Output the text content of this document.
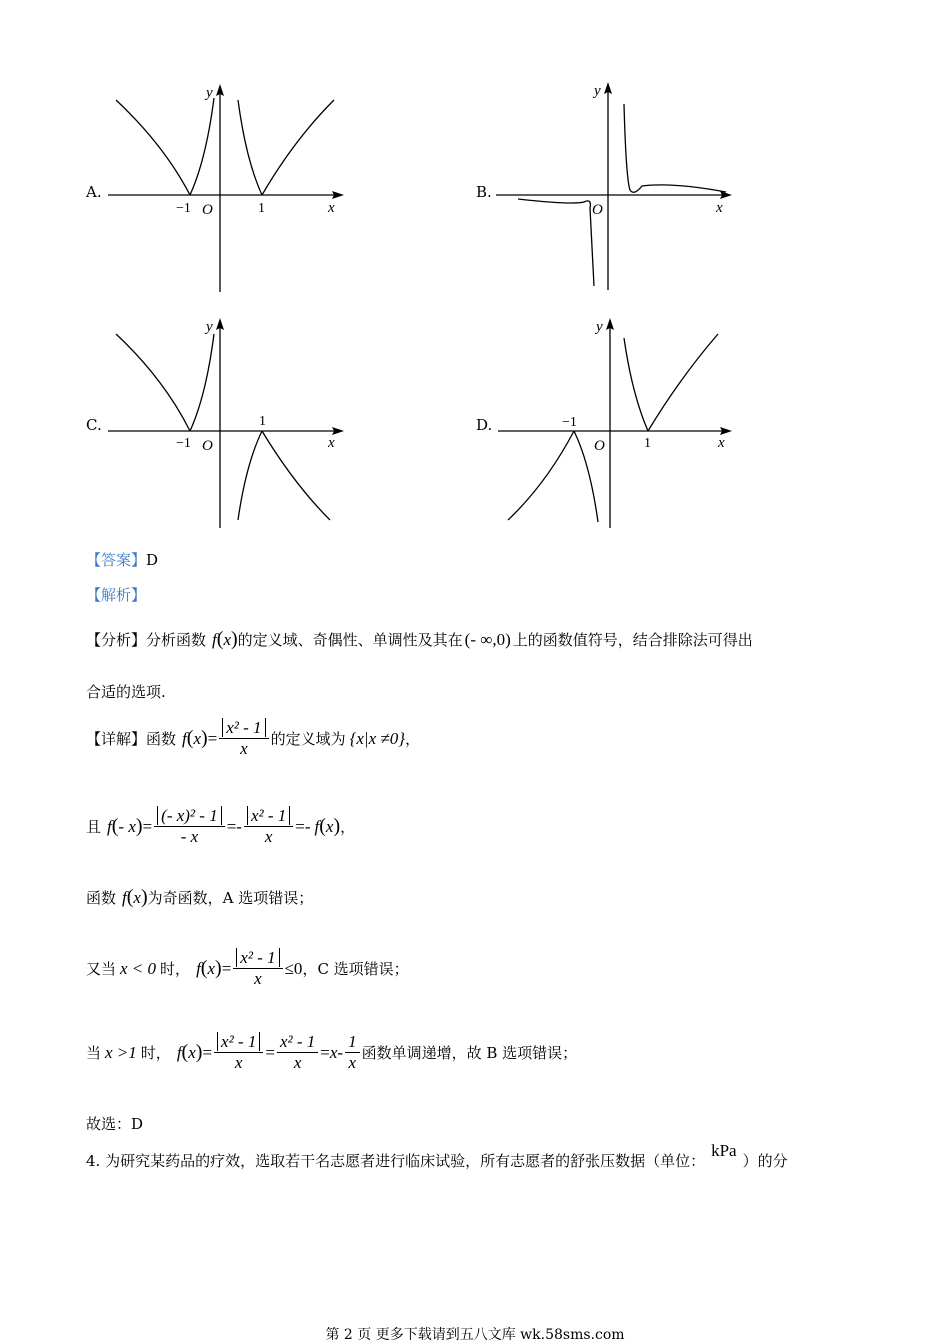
A.
y
x
O
−1	1
B.
y
x
O
C.
y
x
O
−1
1	D.
y
x
O
−1
1
【答案】D
【解析】
【分析】 分析函数 f ( x ) 的定义域、奇偶性、单调性及其在 (- ∞,0) 上的函数值符号，结合排除法可得出
合适的选项.
【详解】 函数 f ( x ) = $\frac{\text{x² - 1}}{x}$ 的定义域为 { x|x ≠0 } ，
且 f ( - x ) = $\frac{\text{(- x)² - 1}}{- x} =- \frac{\text{x² - 1}}{x} =- f$ ( x ) ，
函数 f ( x ) 为奇函数，A 选项错误；
又当 x < 0 时， f ( x ) = $\frac{\text{x² - 1}}{x} \le 0$ ，C 选项错误；
当 x >1 时， f ( x ) = $\frac{\text{x² - 1}}{x} = \frac{\text{x² - 1}}{x} = x - \frac{1}{x}$ 函数单调递增，故 B 选项错误；
故选：D
4. 为研究某药品的疗效，选取若干名志愿者进行临床试验，所有志愿者的舒张压数据（单位：
kPa
）的分
第 2 页 更多下载请到五八文库 wk.58sms.com
